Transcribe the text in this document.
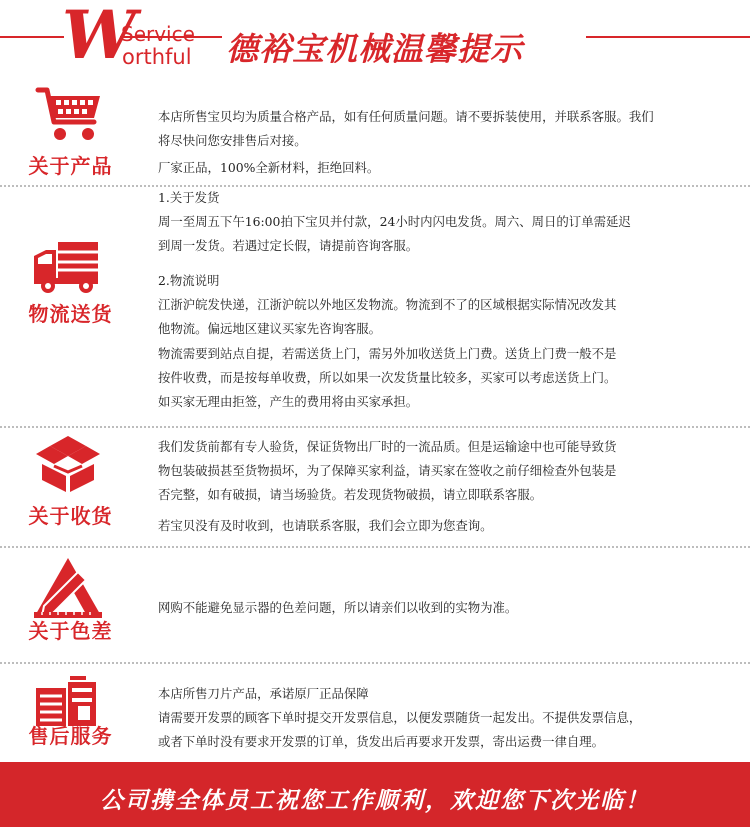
W
Service
orthful 德裕宝机械温馨提示
关于产品
本店所售宝贝均为质量合格产品，如有任何质量问题。请不要拆装使用，并联系客服。我们
将尽快问您安排售后对接。
厂家正品，100%全新材料，拒绝回料。
物流送货
1.关于发货
周一至周五下午16:00拍下宝贝并付款，24小时内闪电发货。周六、周日的订单需延迟
到周一发货。若遇过定长假，请提前咨询客服。
2.物流说明
江浙沪皖发快递，江浙沪皖以外地区发物流。物流到不了的区域根据实际情况改发其
他物流。偏远地区建议买家先咨询客服。
物流需要到站点自提，若需送货上门，需另外加收送货上门费。送货上门费一般不是
按件收费，而是按每单收费，所以如果一次发货量比较多，买家可以考虑送货上门。
如买家无理由拒签，产生的费用将由买家承担。
关于收货
我们发货前都有专人验货，保证货物出厂时的一流品质。但是运输途中也可能导致货
物包装破损甚至货物损坏，为了保障买家利益，请买家在签收之前仔细检查外包装是
否完整，如有破损，请当场验货。若发现货物破损，请立即联系客服。
若宝贝没有及时收到，也请联系客服，我们会立即为您查询。
关于色差
网购不能避免显示器的色差问题，所以请亲们以收到的实物为准。
售后服务
本店所售刀片产品，承诺原厂正品保障
请需要开发票的顾客下单时提交开发票信息，以便发票随货一起发出。不提供发票信息，
或者下单时没有要求开发票的订单，货发出后再要求开发票，寄出运费一律自理。
公司携全体员工祝您工作顺利，欢迎您下次光临！
